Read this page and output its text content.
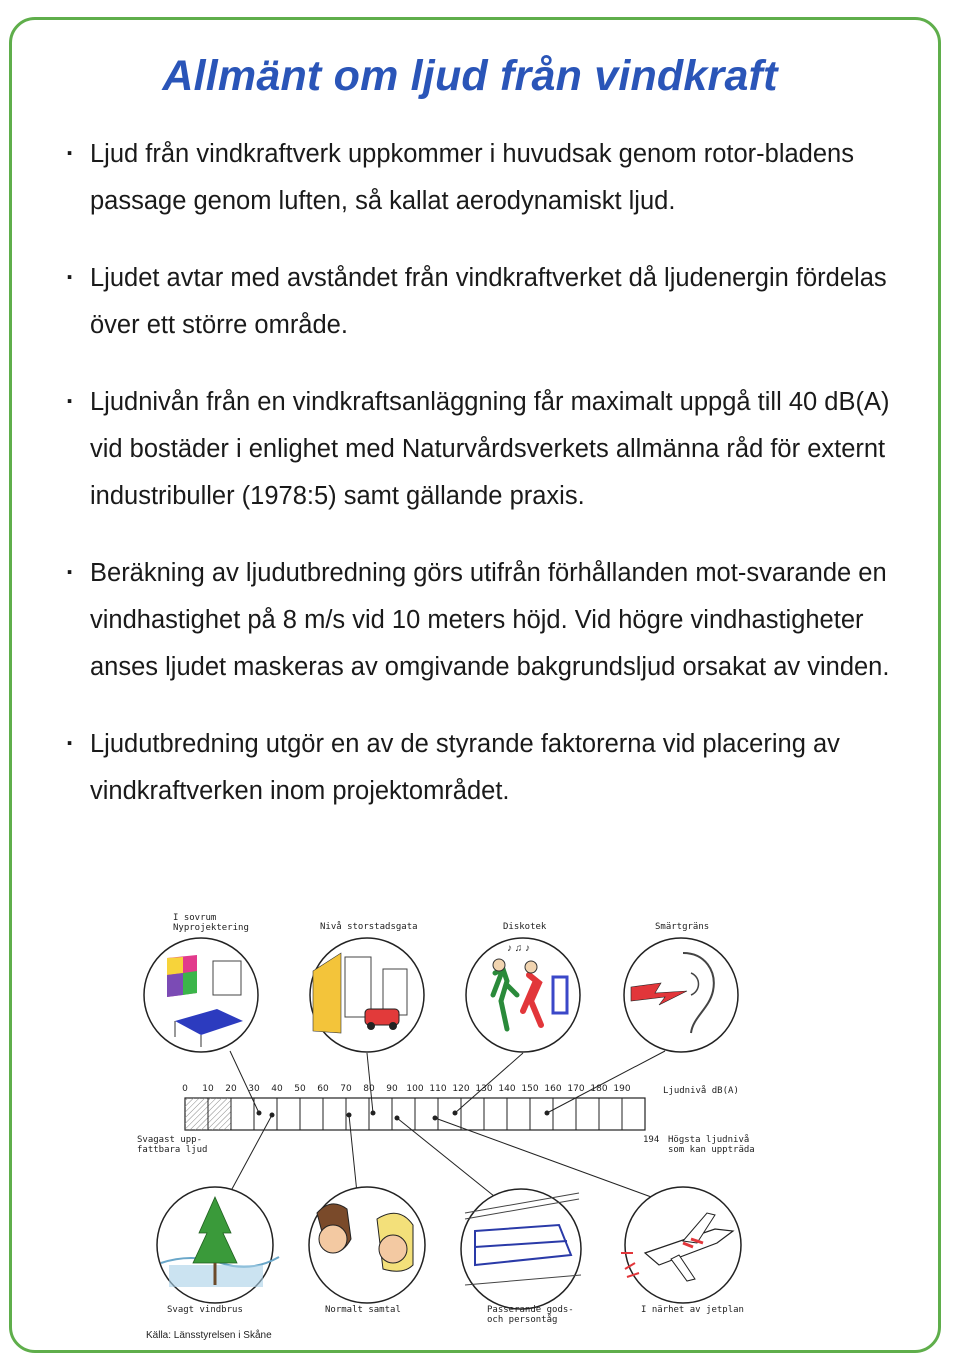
Allmänt om ljud från vindkraft
· Ljud från vindkraftverk uppkommer i huvudsak genom rotor-bladens passage genom luften, så kallat aerodynamiskt ljud.
· Ljudet avtar med avståndet från vindkraftverket då ljudenergin fördelas över ett större område.
· Ljudnivån från en vindkraftsanläggning får maximalt uppgå till 40 dB(A) vid bostäder i enlighet med Naturvårdsverkets allmänna råd för externt industribuller (1978:5) samt gällande praxis.
· Beräkning av ljudutbredning görs utifrån förhållanden mot-svarande en vindhastighet på 8 m/s vid 10 meters höjd. Vid högre vindhastigheter anses ljudet maskeras av omgivande bakgrundsljud orsakat av vinden.
· Ljudutbredning utgör en av de styrande faktorerna vid placering av vindkraftverken inom projektområdet.
♪ ♫ ♪
I sovrum
Nyprojektering	Nivå storstadsgata	Diskotek	Smärtgräns
0	10	20	30	40	50	60	70	80	90 100 110 120 130 140 150 160 170 180 190	Ljudnivå dB(A)
Svagast upp-
fattbara ljud
194 Högsta ljudnivå
som kan uppträda
Svagt vindbrus	Normalt samtal	Passerande gods-
och persontåg
I närhet av jetplan
Källa: Länsstyrelsen i Skåne
